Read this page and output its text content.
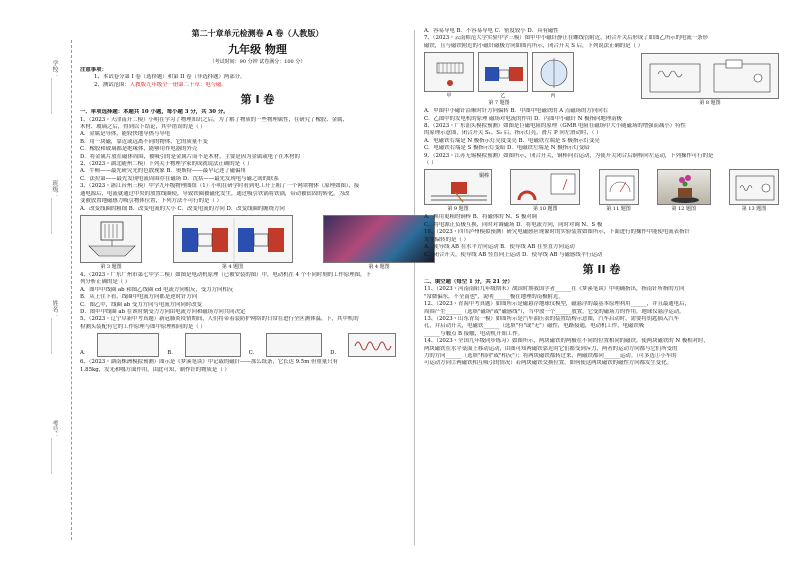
学校：____________
班级：____________
姓名：____________
考号：____________
第二十章单元检测卷 A 卷（人教版）
九年级 物理
（考试时间：90 分钟 试卷满分：100 分）
注意事项：
1、本试卷分第 I 卷（选择题）和第 II 卷（非选择题）两部分。
2、测试范围：人教版九年级全一册第二十章：电与磁。
第 I 卷
一、单项选择题：本题共 10 小题，每小题 3 分，共 30 分。
1、（2023・天津南开二模）小明在学习了物理知识之后，为了解了物质的一些物理属性，在研究了橡胶、金属、
木材、玻璃之后，得到以下结论，其中错误的是（ ）
A．金属是导体，能较快地导热与导电
B．用一块磁，靠近或远离不同的物体，它的质量不变
C．橡胶和玻璃都是绝缘体，能够用作电器的外壳
D．将金属片放在磁体周围，被吸引的是金属片而不是木材，主要是因为金属或电子在木材的
2、（2023・湖北随州二模）下列关于物理学家的成就说法正确的是（ ）
A．牛顿——最先研究光的色散现象 B．奥斯特——最早记述了磁偏角
C．法拉第——最先发现电流周围存在磁场 D．沈括——最先发现电与磁之间的联系
3、（2023・浙江台州三模）中学九年级物理图组（1）小明在研学时看到电工开上粗了一个网罩物体（原理如图），接
通电源后，电流就通过中央的放置线圈使，导致铁圈被磁化发生，通过吸引铁锅将铁锅，带动被钻固的转化。为改
变被放置地磁感力吸引物体位置，下列方法不可行的是（ ）
A．改变线圈的粗细 B．改变电流的大小 C．改变电流的方向 D．改变线圈的缠绕方向
第 3 题图	第 4 题图	第 4 题图
4、（2023・广东广州市第七中学二模）如图是电动机原理（已被安装的图）中，电动机在 4 个不同时刻的工作原理图，下
列分析正确的是（ ）
A．图甲中线圈 ab 和图乙线圈 cd 电流方向相反，受力方向相反
B．从上往下看，线圈中电流方向都是逆时针方向
C．图乙中，线圈 ab 受力方向与电流方向同时改变
D．图甲中线圈 ab 在该时刻受力方向由电流方向和磁场方向共同决定
5、（2023・辽宁阜新中考真题）新冠肺炎疫情期间，人们将带着装防护网络的日常在进行全区测体温，下，其中机的
检测头装配有它的工作原理与图中原理相同的是（ ）
A．	B．	C．	D．
6、（2023・湖南株洲模拟预测）图示是《梦溪笔谈》中记载的磁针——那么纸条，它长达 9.5m 但重量只有
1.85kg，发光和哪方面作用。由此可知，制作针的物质是（ ）
A．容易导电 B．不容易导电 C．密度较小 D．具有磁性
7、（2023・云南师范大学实验中学三模）图甲中小磁针静止在螺线管附近，闭合开关后形成了如图乙所示的电流一条形
磁铁，且与磁铁附近的小磁针磁极方向如图丙所示，闭合开关 S 后，下列说法正确的是（ ）
甲	乙	丙
第 7 题图	第 8 题图
A．甲图中小磁针沿顺时针方向偏转 B．甲图中电磁铁的 A 点磁场的方向向右
C．乙图中的发电机的原理 磁场对电流的作用 D．丙图中小磁针 N 极指向地理南极
8、（2023・广东汕头模拟预测）如图是巨磁电阻的原理（GMR 电阻在磁场中大小随磁场的增强而减小）特性
的原理示意图，闭合开关 S₁、S₂ 后，指示灯亮，滑片 P 向左滑动时，（ ）
A．电磁铁右端是 N 极指示灯亮度变亮 B．电磁铁左端是 S 极指示灯变亮
C．电磁铁右端是 S 极指示灯变暗 D．电磁铁左端是 N 极指示灯变暗
9、（2023・江苏无锡模拟预测）如图所示，闭合开关，铜棒向右运动，为使开关闭合后铜棒向左运动，下列操作可行的是
（ ）
铜棒
第 9 题图	第 10 题图	第 11 题图	第 12 题图	第 13 题图
A．换用更粗的铜棒 B．将磁体的 N、S 极对调
C．将电源正负极互换，同时对调磁场 D．将电流方向，同时对调 N、S 极
10、（2023・四川泸州模拟预测）研究电磁感应现象时的实验装置如图所示，下面进行的操作中能使电流表指针
发生偏转的是（ ）
A．使导线 AB 在水平方向运动 B．使导线 AB 在竖直方向运动
C．闭合开关，使导线 AB 竖直向上运动 D．使导线 AB 与磁感线平行运动
第 II 卷
二、填空题（每空 1 分，共 21 分）
11、（2023・河南南阳九年级期末）战国时期我国学者______在《梦溪笔谈》中明确指出，指南针所指的方向
"常微偏东，不全南也"，说明______极在地理的南极附近。
12、（2023・青海中考真题）如图所示是磁悬浮地球仪模型，磁悬浮的最基本原理利用______，并且最通电后，
周围产生______（选填"磁场"或"磁感线"），当中放一个______放置，它受的磁场力的作用。地球仪悬浮运动。
13、（2023・山东青岛一模）如图所示是汽车油压表的装置结构示意图，汽车启动时，需要将钥匙插入汽车
孔，并启动开关，电磁铁______（选填"有"或"无"）磁性，电路接通，电动机工作，电磁铁吸
______与触点 B 接触，电动机开始工作。
14、（2023・全国九年级同步练习）如图所示，两块磁铁的两极在不同的位置相同的磁铁，使两块磁铁的 N 极相对时，
两块磁铁在水平桌面上移动运动，由图可知两磁铁靠近时它们都受到斥力，两者的运动方向都与它们所受的
力的方向______（选填"相同"或"相反"）；将两块磁铁都转过来，两磁铁都向______运动。（可多选①小车的
可运动方向②两磁铁相互吸引的情况）若两块磁铁交换位置，如何使这两块磁铁的磁性方向都发生变化。
